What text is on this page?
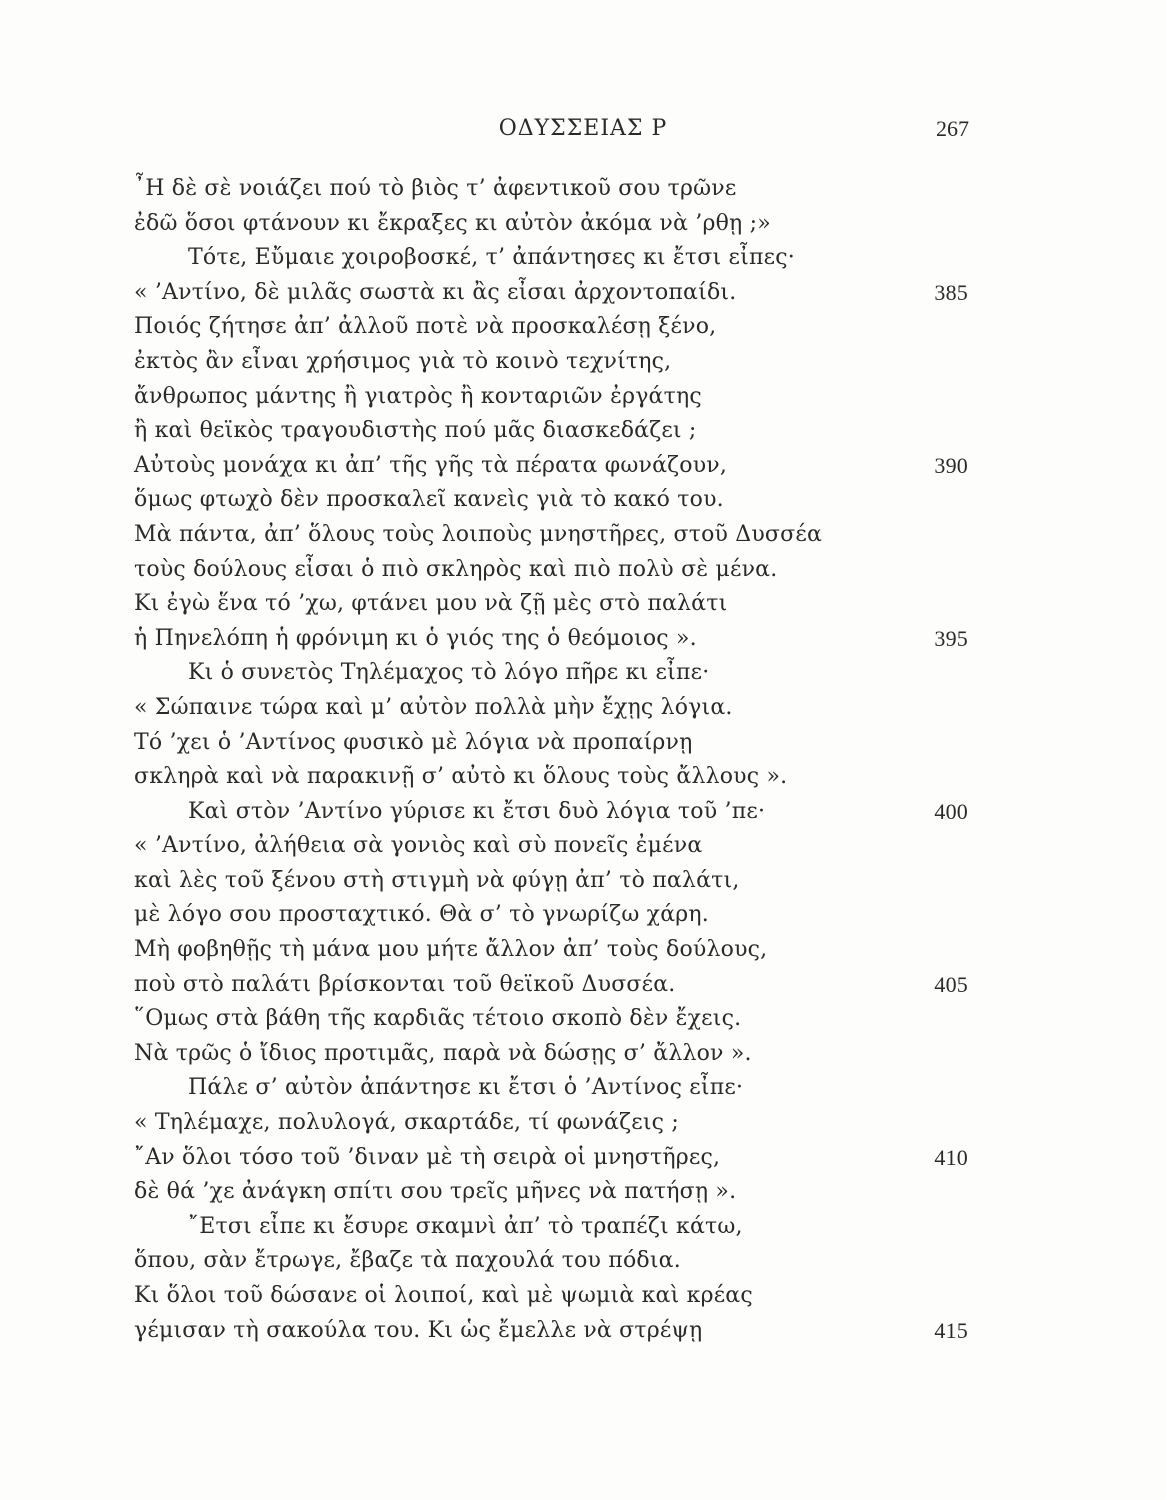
ΟΔΥΣΣΕΙΑΣ Ρ	267
῏Η δὲ σὲ νοιάζει πού τὸ βιὸς τ’ ἀφεντικοῦ σου τρῶνε
ἐδῶ ὅσοι φτάνουν κι ἔκραξες κι αὐτὸν ἀκόμα νὰ ’ρθῃ ;»
Τότε, Εὔμαιε χοιροβοσκέ, τ’ ἀπάντησες κι ἔτσι εἶπες·
« ’Αντίνο, δὲ μιλᾶς σωστὰ κι ἂς εἶσαι ἀρχοντοπαίδι.	385
Ποιός ζήτησε ἀπ’ ἀλλοῦ ποτὲ νὰ προσκαλέσῃ ξένο,
ἐκτὸς ἂν εἶναι χρήσιμος γιὰ τὸ κοινὸ τεχνίτης,
ἄνθρωπος μάντης ἢ γιατρὸς ἢ κονταριῶν ἐργάτης
ἢ καὶ θεϊκὸς τραγουδιστὴς πού μᾶς διασκεδάζει ;
Αὐτοὺς μονάχα κι ἀπ’ τῆς γῆς τὰ πέρατα φωνάζουν,	390
ὅμως φτωχὸ δὲν προσκαλεῖ κανεὶς γιὰ τὸ κακό του.
Μὰ πάντα, ἀπ’ ὅλους τοὺς λοιποὺς μνηστῆρες, στοῦ Δυσσέα
τοὺς δούλους εἶσαι ὁ πιὸ σκληρὸς καὶ πιὸ πολὺ σὲ μένα.
Κι ἐγὼ ἕνα τό ’χω, φτάνει μου νὰ ζῇ μὲς στὸ παλάτι
ἡ Πηνελόπη ἡ φρόνιμη κι ὁ γιός της ὁ θεόμοιος ».	395
Κι ὁ συνετὸς Τηλέμαχος τὸ λόγο πῆρε κι εἶπε·
« Σώπαινε τώρα καὶ μ’ αὐτὸν πολλὰ μὴν ἔχῃς λόγια.
Τό ’χει ὁ ’Αντίνος φυσικὸ μὲ λόγια νὰ προπαίρνῃ
σκληρὰ καὶ νὰ παρακινῇ σ’ αὐτὸ κι ὅλους τοὺς ἄλλους ».
Καὶ στὸν ’Αντίνο γύρισε κι ἔτσι δυὸ λόγια τοῦ ’πε·	400
« ’Αντίνο, ἀλήθεια σὰ γονιὸς καὶ σὺ πονεῖς ἐμένα
καὶ λὲς τοῦ ξένου στὴ στιγμὴ νὰ φύγῃ ἀπ’ τὸ παλάτι,
μὲ λόγο σου προσταχτικό. Θὰ σ’ τὸ γνωρίζω χάρη.
Μὴ φοβηθῇς τὴ μάνα μου μήτε ἄλλον ἀπ’ τοὺς δούλους,
ποὺ στὸ παλάτι βρίσκονται τοῦ θεϊκοῦ Δυσσέα.	405
῞Ομως στὰ βάθη τῆς καρδιᾶς τέτοιο σκοπὸ δὲν ἔχεις.
Νὰ τρῶς ὁ ἴδιος προτιμᾶς, παρὰ νὰ δώσῃς σ’ ἄλλον ».
Πάλε σ’ αὐτὸν ἀπάντησε κι ἔτσι ὁ ’Αντίνος εἶπε·
« Τηλέμαχε, πολυλογά, σκαρτάδε, τί φωνάζεις ;
῎Αν ὅλοι τόσο τοῦ ’διναν μὲ τὴ σειρὰ οἱ μνηστῆρες,	410
δὲ θά ’χε ἀνάγκη σπίτι σου τρεῖς μῆνες νὰ πατήσῃ ».
῎Ετσι εἶπε κι ἔσυρε σκαμνὶ ἀπ’ τὸ τραπέζι κάτω,
ὅπου, σὰν ἔτρωγε, ἔβαζε τὰ παχουλά του πόδια.
Κι ὅλοι τοῦ δώσανε οἱ λοιποί, καὶ μὲ ψωμιὰ καὶ κρέας
γέμισαν τὴ σακούλα του. Κι ὡς ἔμελλε νὰ στρέψῃ	415
